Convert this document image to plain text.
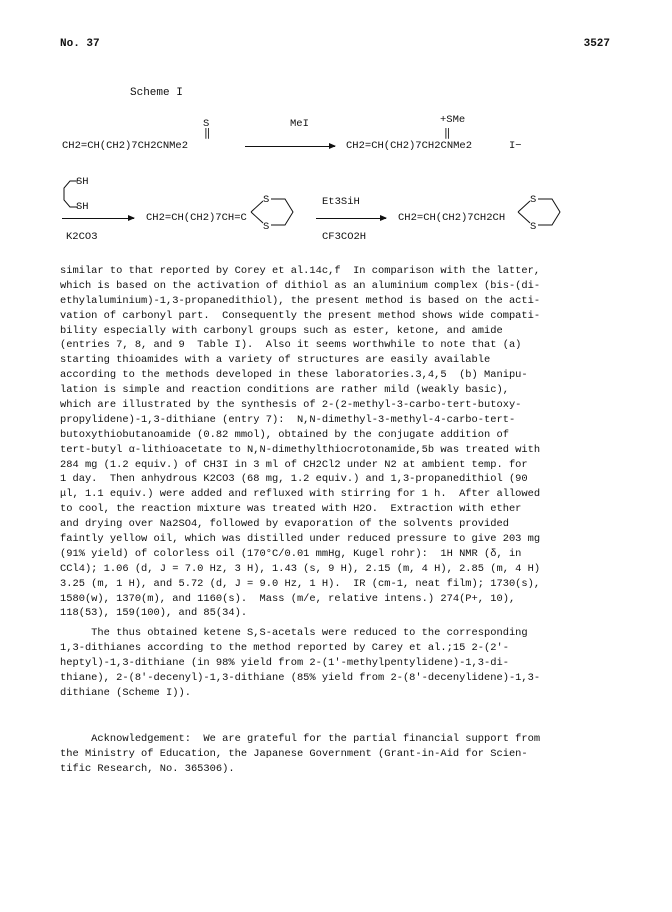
No. 37	3527
Scheme I
S
‖
CH2=CH(CH2)7CH2CNMe2
MeI	+SMe
‖
CH2=CH(CH2)7CH2CNMe2	I−
SH
SH
K2CO3
CH2=CH(CH2)7CH=C
S
S
Et3SiH
CF3CO2H
CH2=CH(CH2)7CH2CH
S
S
similar to that reported by Corey et al.14c,f  In comparison with the latter,
which is based on the activation of dithiol as an aluminium complex (bis-(di-
ethylaluminium)-1,3-propanedithiol), the present method is based on the acti-
vation of carbonyl part.  Consequently the present method shows wide compati-
bility especially with carbonyl groups such as ester, ketone, and amide
(entries 7, 8, and 9  Table I).  Also it seems worthwhile to note that (a)
starting thioamides with a variety of structures are easily available
according to the methods developed in these laboratories.3,4,5  (b) Manipu-
lation is simple and reaction conditions are rather mild (weakly basic),
which are illustrated by the synthesis of 2-(2-methyl-3-carbo-tert-butoxy-
propylidene)-1,3-dithiane (entry 7):  N,N-dimethyl-3-methyl-4-carbo-tert-
butoxythiobutanoamide (0.82 mmol), obtained by the conjugate addition of
tert-butyl α-lithioacetate to N,N-dimethylthiocrotonamide,5b was treated with
284 mg (1.2 equiv.) of CH3I in 3 ml of CH2Cl2 under N2 at ambient temp. for
1 day.  Then anhydrous K2CO3 (68 mg, 1.2 equiv.) and 1,3-propanedithiol (90
μl, 1.1 equiv.) were added and refluxed with stirring for 1 h.  After allowed
to cool, the reaction mixture was treated with H2O.  Extraction with ether
and drying over Na2SO4, followed by evaporation of the solvents provided
faintly yellow oil, which was distilled under reduced pressure to give 203 mg
(91% yield) of colorless oil (170°C/0.01 mmHg, Kugel rohr):  1H NMR (δ, in
CCl4); 1.06 (d, J = 7.0 Hz, 3 H), 1.43 (s, 9 H), 2.15 (m, 4 H), 2.85 (m, 4 H)
3.25 (m, 1 H), and 5.72 (d, J = 9.0 Hz, 1 H).  IR (cm-1, neat film); 1730(s),
1580(w), 1370(m), and 1160(s).  Mass (m/e, relative intens.) 274(P+, 10),
118(53), 159(100), and 85(34).
The thus obtained ketene S,S-acetals were reduced to the corresponding
1,3-dithianes according to the method reported by Carey et al.;15 2-(2'-
heptyl)-1,3-dithiane (in 98% yield from 2-(1'-methylpentylidene)-1,3-di-
thiane), 2-(8'-decenyl)-1,3-dithiane (85% yield from 2-(8'-decenylidene)-1,3-
dithiane (Scheme I)).
Acknowledgement:  We are grateful for the partial financial support from
the Ministry of Education, the Japanese Government (Grant-in-Aid for Scien-
tific Research, No. 365306).
